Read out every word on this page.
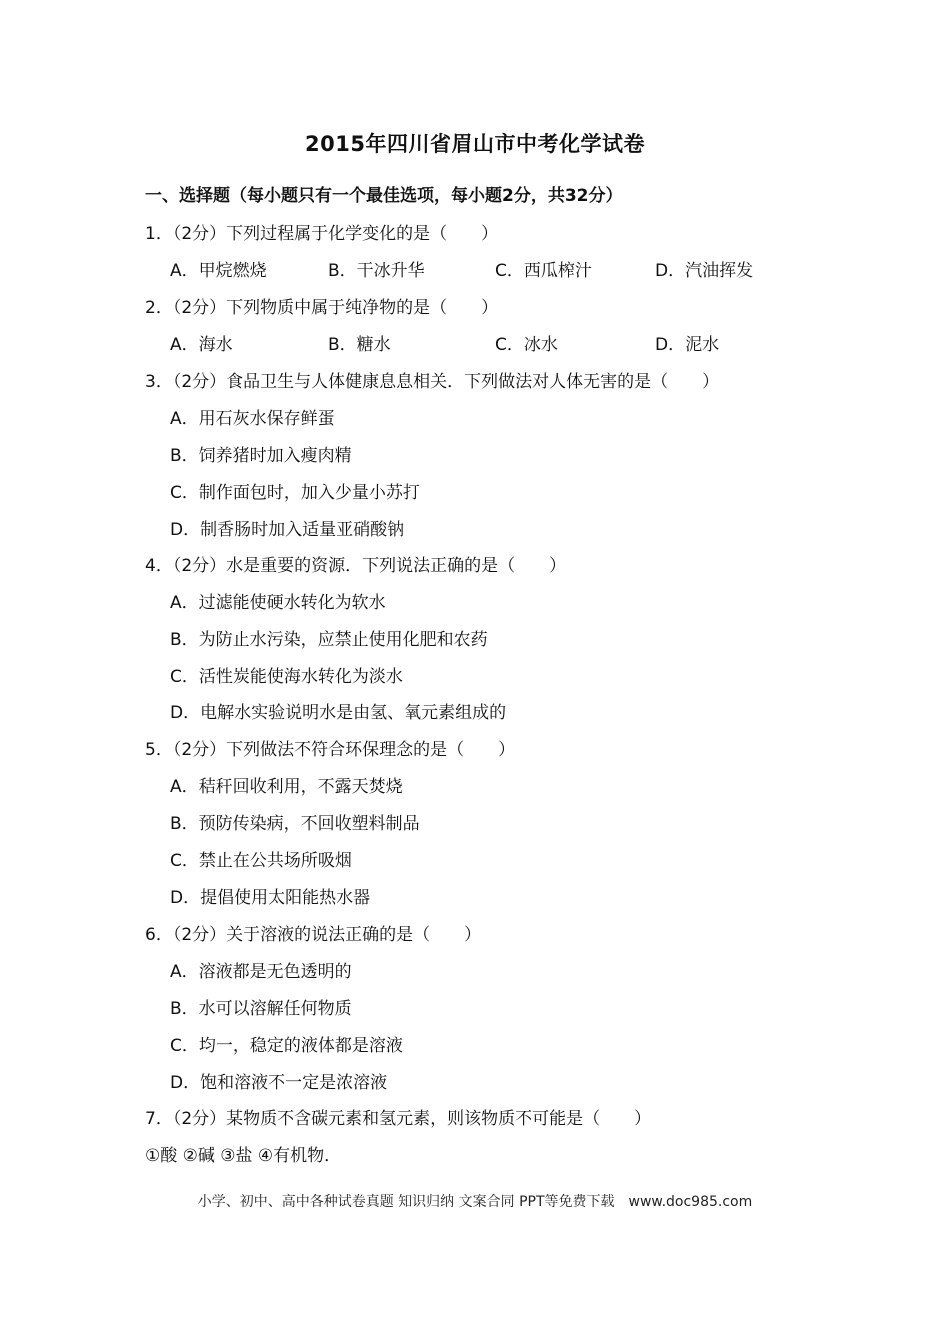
2015年四川省眉山市中考化学试卷
一、选择题（每小题只有一个最佳选项，每小题2分，共32分）
1．（2分）下列过程属于化学变化的是（　　）
A．甲烷燃烧	B．干冰升华	C．西瓜榨汁	D．汽油挥发
2．（2分）下列物质中属于纯净物的是（　　）
A．海水	B．糖水	C．冰水	D．泥水
3．（2分）食品卫生与人体健康息息相关．下列做法对人体无害的是（　　）
A．用石灰水保存鲜蛋
B．饲养猪时加入瘦肉精
C．制作面包时，加入少量小苏打
D．制香肠时加入适量亚硝酸钠
4．（2分）水是重要的资源．下列说法正确的是（　　）
A．过滤能使硬水转化为软水
B．为防止水污染，应禁止使用化肥和农药
C．活性炭能使海水转化为淡水
D．电解水实验说明水是由氢、氧元素组成的
5．（2分）下列做法不符合环保理念的是（　　）
A．秸秆回收利用，不露天焚烧
B．预防传染病，不回收塑料制品
C．禁止在公共场所吸烟
D．提倡使用太阳能热水器
6．（2分）关于溶液的说法正确的是（　　）
A．溶液都是无色透明的
B．水可以溶解任何物质
C．均一，稳定的液体都是溶液
D．饱和溶液不一定是浓溶液
7．（2分）某物质不含碳元素和氢元素，则该物质不可能是（　　）
①酸 ②碱 ③盐 ④有机物．
小学、初中、高中各种试卷真题 知识归纳 文案合同 PPT等免费下载　www.doc985.com
